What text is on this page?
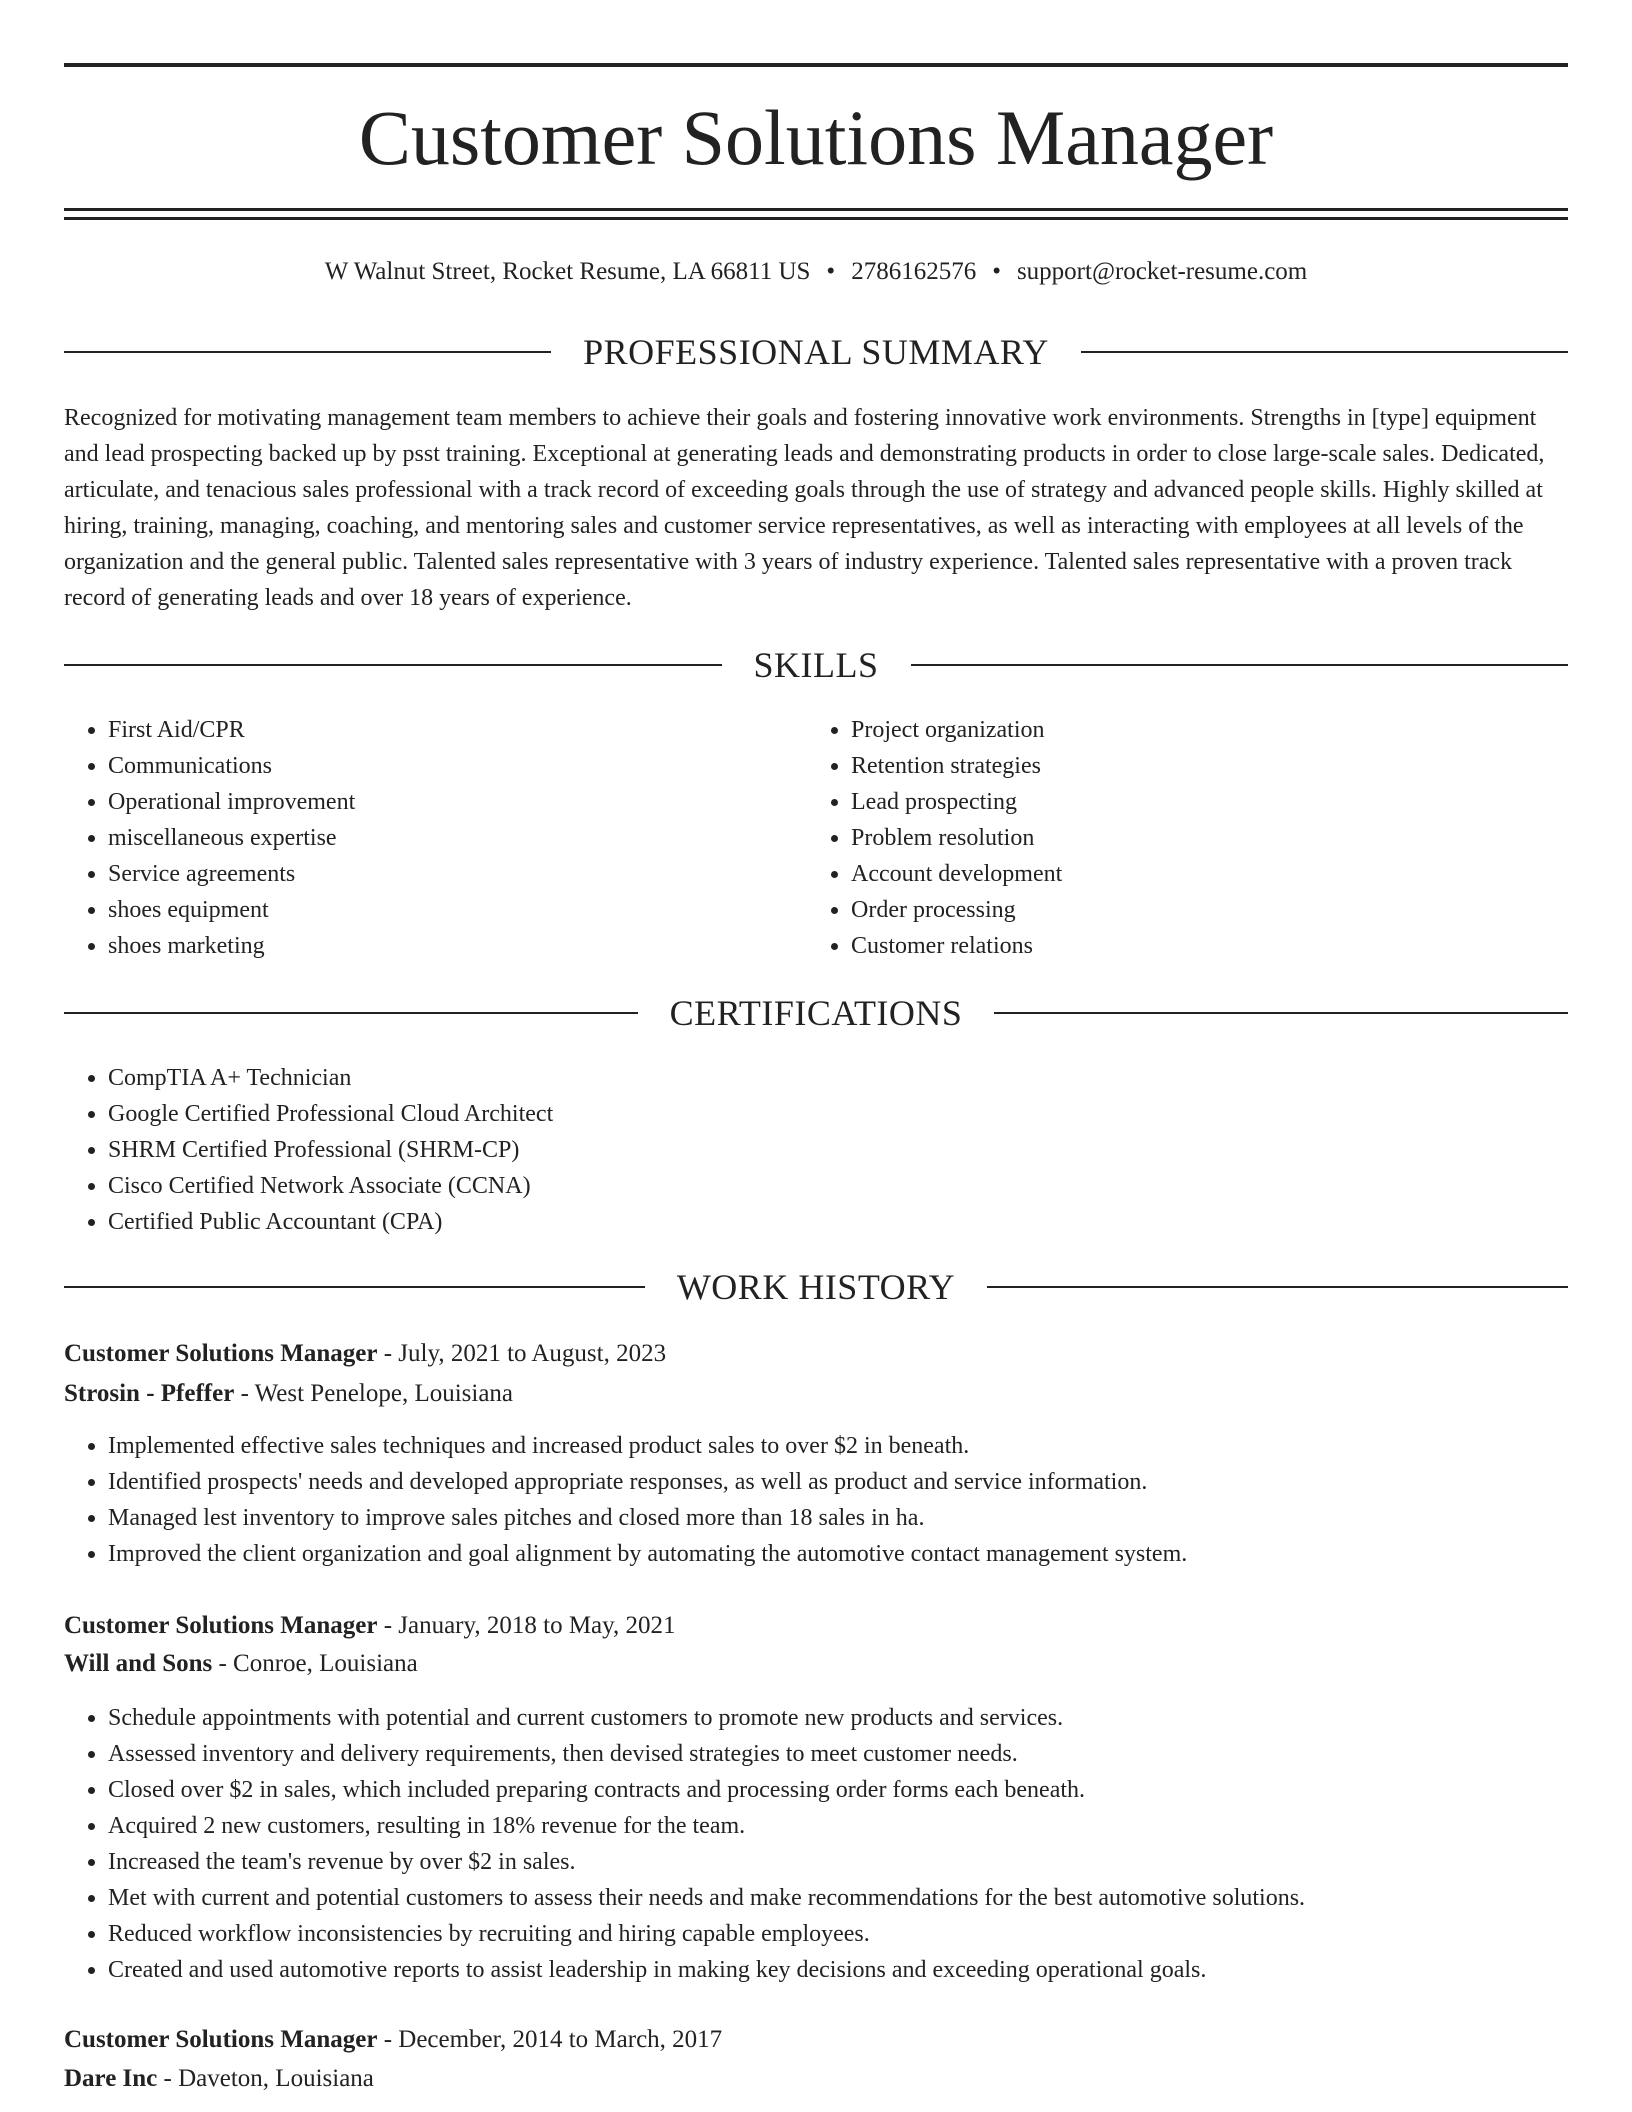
Customer Solutions Manager
W Walnut Street, Rocket Resume, LA 66811 US • 2786162576 • support@rocket-resume.com
PROFESSIONAL SUMMARY

Recognized for motivating management team members to achieve their goals and fostering innovative work environments. Strengths in [type] equipment and lead prospecting backed up by psst training. Exceptional at generating leads and demonstrating products in order to close large-scale sales. Dedicated, articulate, and tenacious sales professional with a track record of exceeding goals through the use of strategy and advanced people skills. Highly skilled at hiring, training, managing, coaching, and mentoring sales and customer service representatives, as well as interacting with employees at all levels of the organization and the general public. Talented sales representative with 3 years of industry experience. Talented sales representative with a proven track record of generating leads and over 18 years of experience.

SKILLS
• First Aid/CPR
• Communications
• Operational improvement
• miscellaneous expertise
• Service agreements
• shoes equipment
• shoes marketing
• Project organization
• Retention strategies
• Lead prospecting
• Problem resolution
• Account development
• Order processing
• Customer relations
CERTIFICATIONS
• CompTIA A+ Technician
• Google Certified Professional Cloud Architect
• SHRM Certified Professional (SHRM-CP)
• Cisco Certified Network Associate (CCNA)
• Certified Public Accountant (CPA)
WORK HISTORY
Customer Solutions Manager - July, 2021 to August, 2023
Strosin - Pfeffer - West Penelope, Louisiana
• Implemented effective sales techniques and increased product sales to over $2 in beneath.
• Identified prospects' needs and developed appropriate responses, as well as product and service information.
• Managed lest inventory to improve sales pitches and closed more than 18 sales in ha.
• Improved the client organization and goal alignment by automating the automotive contact management system.
Customer Solutions Manager - January, 2018 to May, 2021
Will and Sons - Conroe, Louisiana
• Schedule appointments with potential and current customers to promote new products and services.
• Assessed inventory and delivery requirements, then devised strategies to meet customer needs.
• Closed over $2 in sales, which included preparing contracts and processing order forms each beneath.
• Acquired 2 new customers, resulting in 18% revenue for the team.
• Increased the team's revenue by over $2 in sales.
• Met with current and potential customers to assess their needs and make recommendations for the best automotive solutions.
• Reduced workflow inconsistencies by recruiting and hiring capable employees.
• Created and used automotive reports to assist leadership in making key decisions and exceeding operational goals.
Customer Solutions Manager - December, 2014 to March, 2017
Dare Inc - Daveton, Louisiana
